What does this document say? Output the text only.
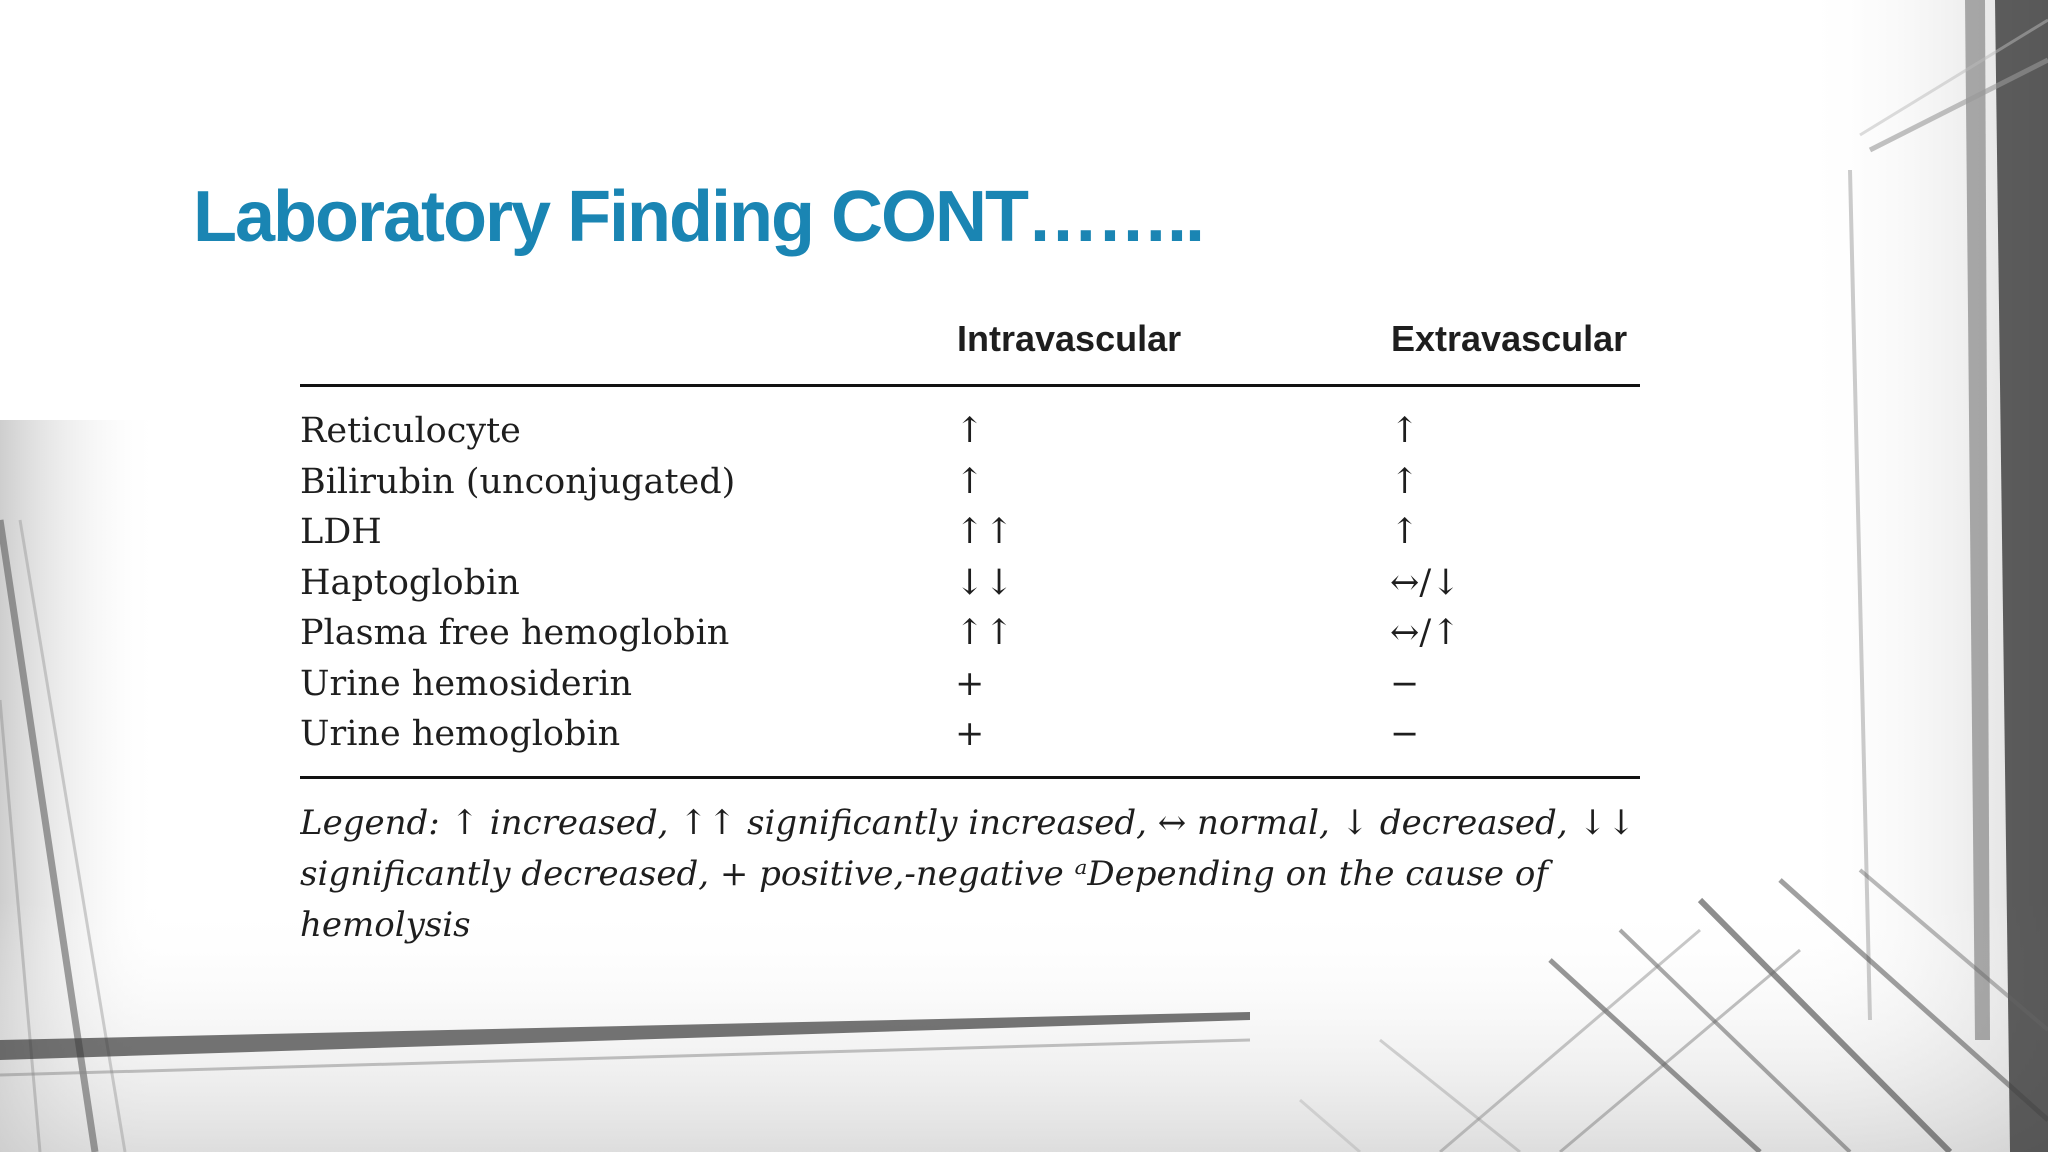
Laboratory Finding CONT……..
Intravascular	Extravascular
Reticulocyte	↑	↑
Bilirubin (unconjugated)	↑	↑
LDH	↑↑	↑
Haptoglobin	↓↓	↔/↓
Plasma free hemoglobin	↑↑	↔/↑
Urine hemosiderin	+	−
Urine hemoglobin	+	−

Legend: ↑ increased, ↑↑ significantly increased, ↔ normal, ↓ decreased, ↓↓
significantly decreased, + positive,-negative ᵃDepending on the cause of
hemolysis
